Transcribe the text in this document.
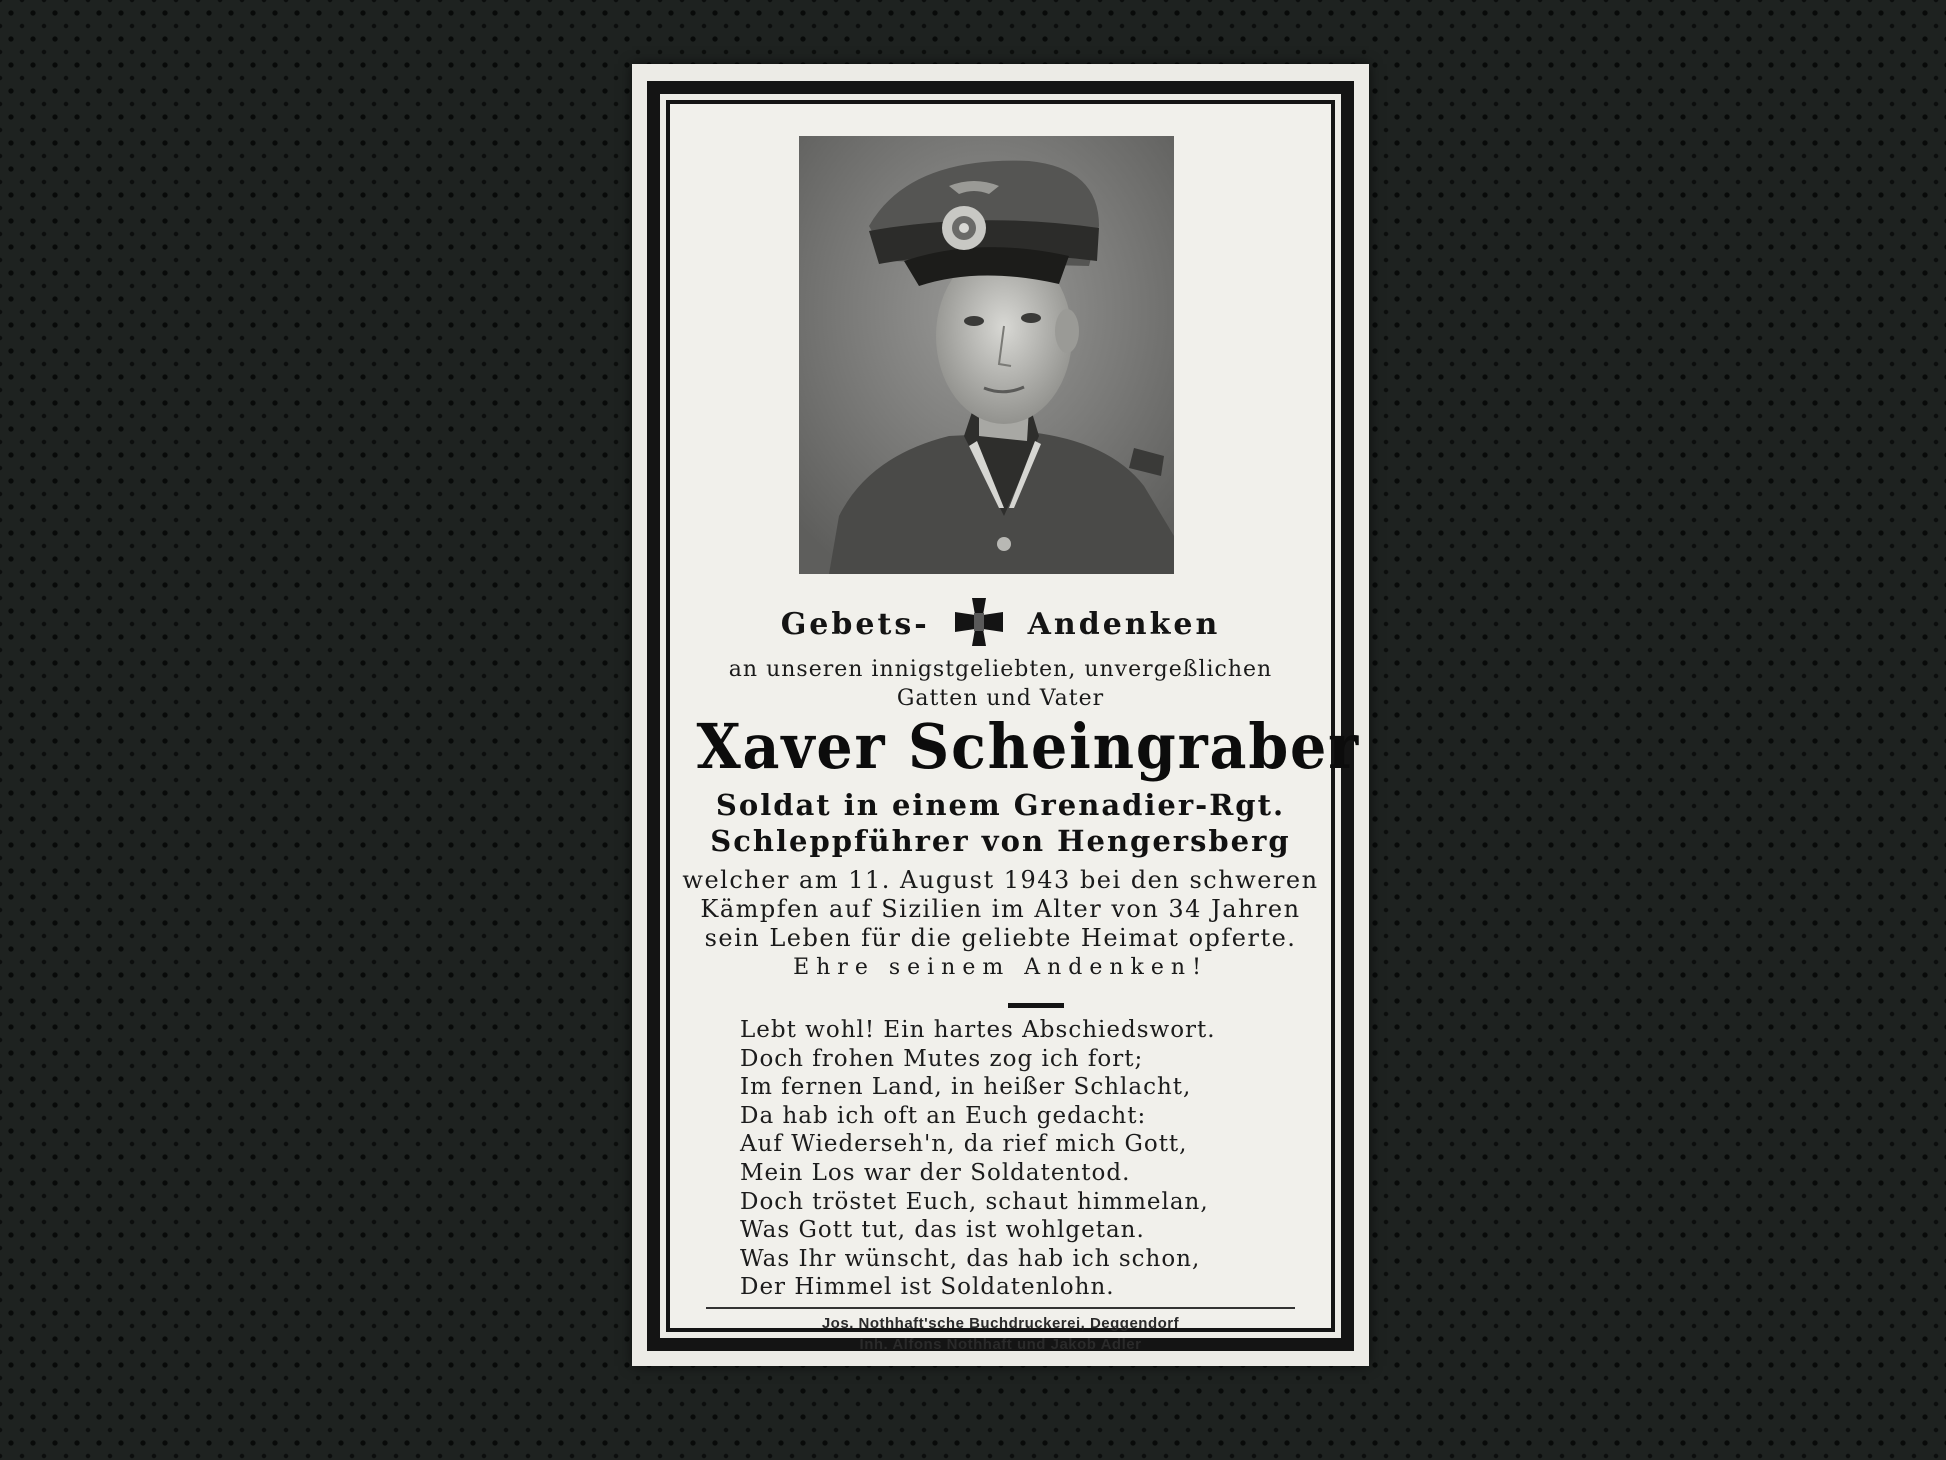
Gebets-	Andenken
an unseren innigstgeliebten, unvergeßlichen
Gatten und Vater
Xaver Scheingraber
Soldat in einem Grenadier-Rgt.
Schleppführer von Hengersberg
welcher am 11. August 1943 bei den schweren
Kämpfen auf Sizilien im Alter von 34 Jahren
sein Leben für die geliebte Heimat opferte.
Ehre seinem Andenken!
Lebt wohl! Ein hartes Abschiedswort.
Doch frohen Mutes zog ich fort;
Im fernen Land, in heißer Schlacht,
Da hab ich oft an Euch gedacht:
Auf Wiederseh'n, da rief mich Gott,
Mein Los war der Soldatentod.
Doch tröstet Euch, schaut himmelan,
Was Gott tut, das ist wohlgetan.
Was Ihr wünscht, das hab ich schon,
Der Himmel ist Soldatenlohn.
Jos. Nothhaft'sche Buchdruckerei, Deggendorf
Inh. Alfons Nothhaft und Jakob Adler
